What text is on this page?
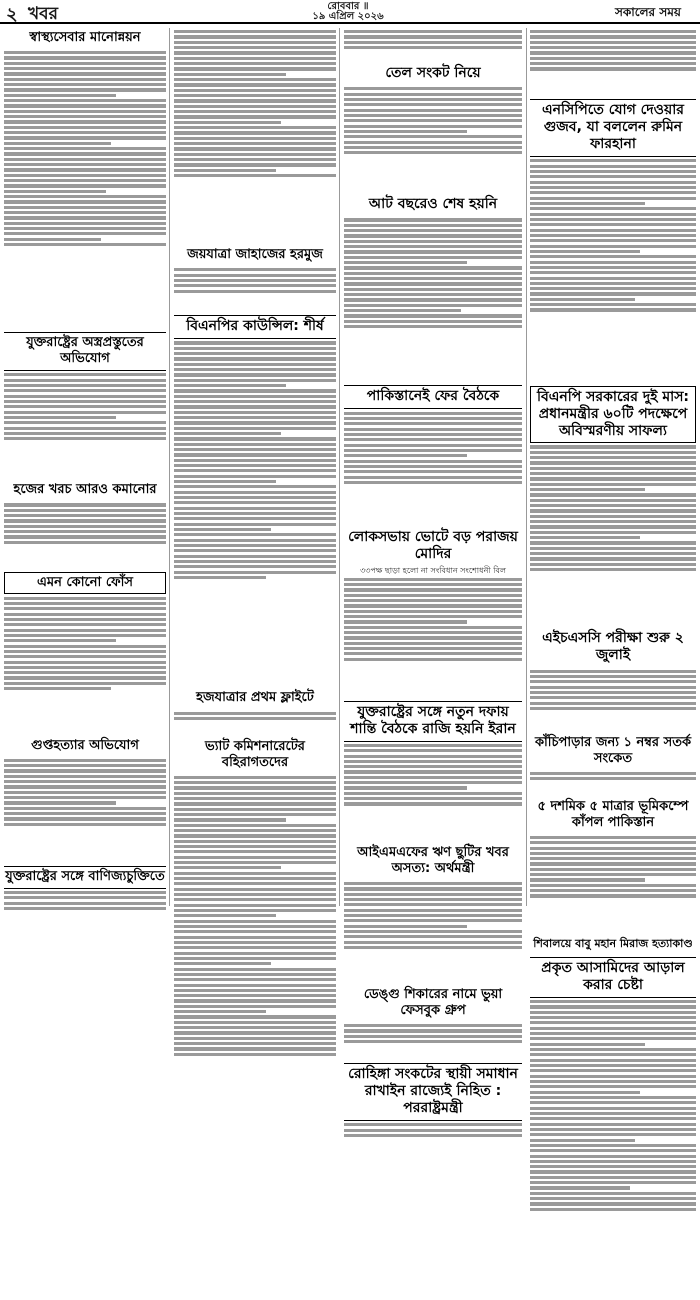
২ খবর	রোববার ॥
১৯ এপ্রিল ২০২৬	সকালের সময়
স্বাস্থ্যসেবার মানোন্নয়ন
যুক্তরাষ্ট্রের অস্ত্রপ্রস্তুতের অভিযোগ
হজের খরচ আরও কমানোর
এমন কোনো ফোঁস
গুপ্তহত্যার অভিযোগ
যুক্তরাষ্ট্রের সঙ্গে বাণিজ্যচুক্তিতে
জয়যাত্রা জাহাজের হরমুজ
বিএনপির কাউন্সিল: শীর্ষ
হজযাত্রার প্রথম ফ্লাইটে
ভ্যাট কমিশনারেটের বহিরাগতদের
তেল সংকট নিয়ে
আট বছরেও শেষ হয়নি
পাকিস্তানেই ফের বৈঠকে
লোকসভায় ভোটে বড় পরাজয় মোদির
৩৩পক্ষ ছাড়া হলো না সংবিধান সংশোধনী বিল
যুক্তরাষ্ট্রের সঙ্গে নতুন দফায় শান্তি বৈঠকে রাজি হয়নি ইরান
আইএমএফের ঋণ ছুটির খবর অসত্য: অর্থমন্ত্রী
ডেঙ্গু শিকারের নামে ভুয়া ফেসবুক গ্রুপ
রোহিঙ্গা সংকটের স্থায়ী সমাধান রাখাইন রাজ্যেই নিহিত : পররাষ্ট্রমন্ত্রী
এনসিপিতে যোগ দেওয়ার গুজব, যা বললেন রুমিন ফারহানা
বিএনপি সরকারের দুই মাস: প্রধানমন্ত্রীর ৬০টি পদক্ষেপে অবিস্মরণীয় সাফল্য
এইচএসসি পরীক্ষা শুরু ২ জুলাই
কাঁচিপাড়ার জন্য ১ নম্বর সতর্ক সংকেত
৫ দশমিক ৫ মাত্রার ভূমিকম্পে কাঁপল পাকিস্তান
শিবালয়ে বাবু মহান মিরাজ হত্যাকাণ্ড
প্রকৃত আসামিদের আড়াল করার চেষ্টা
